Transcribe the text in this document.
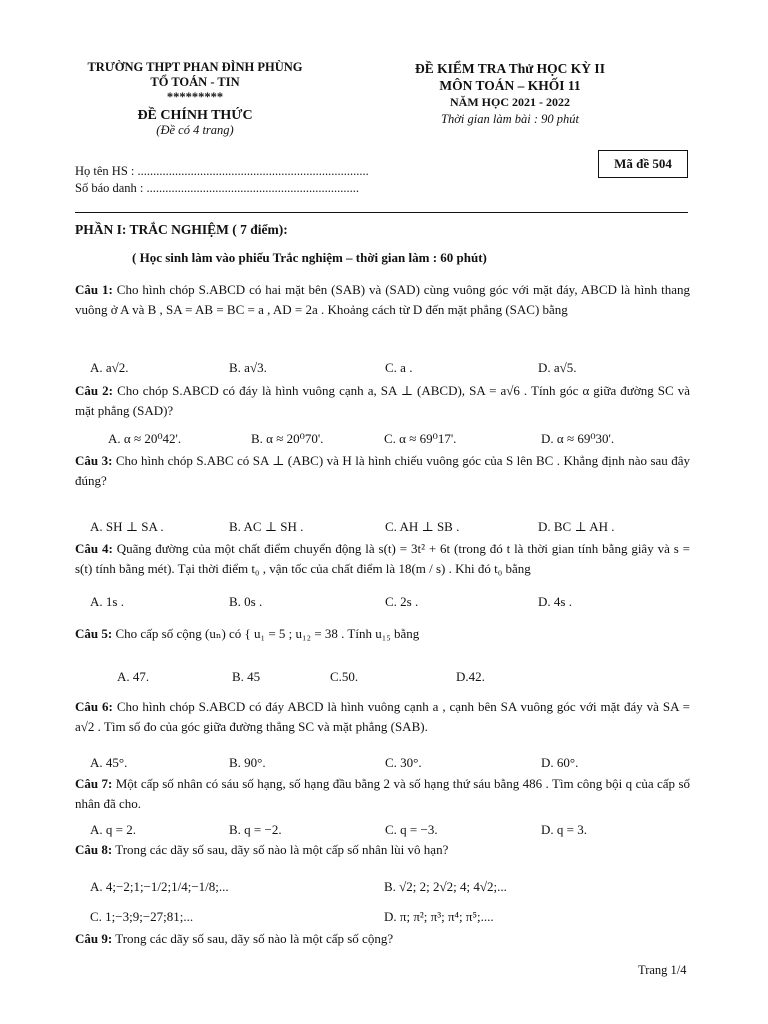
TRƯỜNG THPT PHAN ĐÌNH PHÙNG
TỔ TOÁN - TIN
*********
ĐỀ CHÍNH THỨC
(Đề có 4 trang)
ĐỀ KIỂM TRA Thử HỌC KỲ II
MÔN TOÁN – KHỐI 11
NĂM HỌC 2021 - 2022
Thời gian làm bài : 90 phút
Mã đề 504
Họ tên HS : ..........................................................................
Số báo danh : ....................................................................
PHẦN I: TRẮC NGHIỆM ( 7 điểm):
( Học sinh làm vào phiếu Trắc nghiệm – thời gian làm : 60 phút)
Câu 1: Cho hình chóp S.ABCD có hai mặt bên (SAB) và (SAD) cùng vuông góc với mặt đáy, ABCD là hình thang vuông ở A và B , SA = AB = BC = a , AD = 2a . Khoảng cách từ D đến mặt phẳng (SAC) bằng
A. a√2.	B. a√3.	C. a .	D. a√5.
Câu 2: Cho chóp S.ABCD có đáy là hình vuông cạnh a, SA ⊥ (ABCD), SA = a√6 . Tính góc α giữa đường SC và mặt phẳng (SAD)?
A. α ≈ 20⁰42'.	B. α ≈ 20⁰70'.	C. α ≈ 69⁰17'.	D. α ≈ 69⁰30'.
Câu 3: Cho hình chóp S.ABC có SA ⊥ (ABC) và H là hình chiếu vuông góc của S lên BC . Khẳng định nào sau đây đúng?
A. SH ⊥ SA .	B. AC ⊥ SH .	C. AH ⊥ SB .	D. BC ⊥ AH .
Câu 4: Quãng đường của một chất điểm chuyển động là s(t) = 3t² + 6t (trong đó t là thời gian tính bằng giây và s = s(t) tính bằng mét). Tại thời điểm t₀ , vận tốc của chất điểm là 18(m / s) . Khi đó t₀ bằng
A. 1s .	B. 0s .	C. 2s .	D. 4s .
Câu 5: Cho cấp số cộng (uₙ) có { u₁ = 5 ; u₁₂ = 38 . Tính u₁₅ bằng
A. 47.	B. 45	C.50.	D.42.
Câu 6: Cho hình chóp S.ABCD có đáy ABCD là hình vuông cạnh a , cạnh bên SA vuông góc với mặt đáy và SA = a√2 . Tìm số đo của góc giữa đường thẳng SC và mặt phẳng (SAB).
A. 45°.	B. 90°.	C. 30°.	D. 60°.
Câu 7: Một cấp số nhân có sáu số hạng, số hạng đầu bằng 2 và số hạng thứ sáu bằng 486 . Tìm công bội q của cấp số nhân đã cho.
A. q = 2.	B. q = −2.	C. q = −3.	D. q = 3.
Câu 8: Trong các dãy số sau, dãy số nào là một cấp số nhân lùi vô hạn?
A. 4;−2;1;−1/2;1/4;−1/8;...	B. √2; 2; 2√2; 4; 4√2;...
C. 1;−3;9;−27;81;...	D. π; π²; π³; π⁴; π⁵;....
Câu 9: Trong các dãy số sau, dãy số nào là một cấp số cộng?
Trang 1/4
